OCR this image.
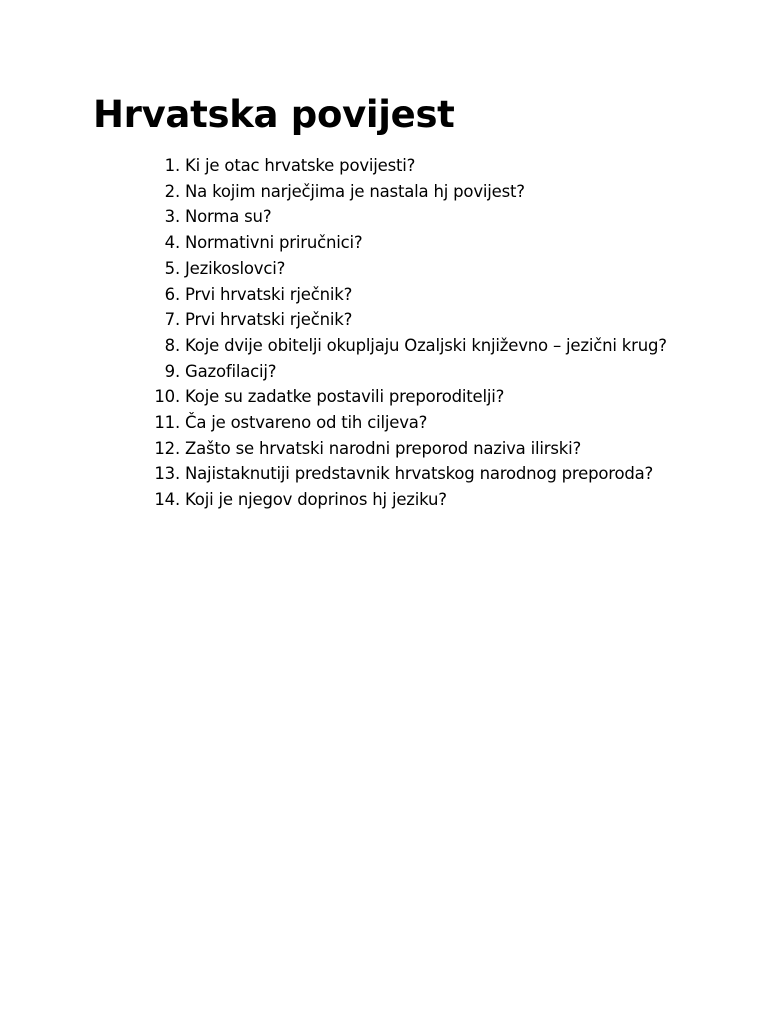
Hrvatska povijest
1. Ki je otac hrvatske povijesti?
2. Na kojim narječjima je nastala hj povijest?
3. Norma su?
4. Normativni priručnici?
5. Jezikoslovci?
6. Prvi hrvatski rječnik?
7. Prvi hrvatski rječnik?
8. Koje dvije obitelji okupljaju Ozaljski književno – jezični krug?
9. Gazofilacij?
10. Koje su zadatke postavili preporoditelji?
11. Ča je ostvareno od tih ciljeva?
12. Zašto se hrvatski narodni preporod naziva ilirski?
13. Najistaknutiji predstavnik hrvatskog narodnog preporoda?
14. Koji je njegov doprinos hj jeziku?
